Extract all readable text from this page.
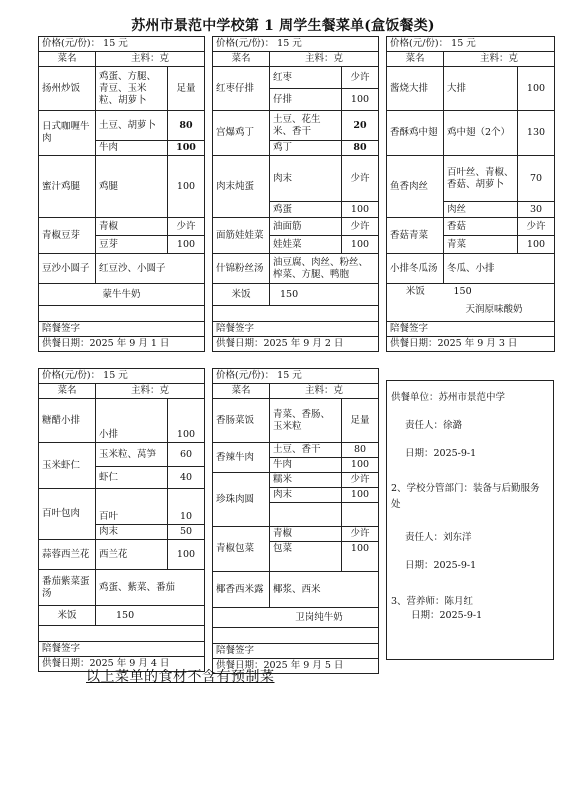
苏州市景范中学校第 1 周学生餐菜单(盒饭餐类)
价格(元/份)： 15 元		
菜名	主料：克	
扬州炒饭	鸡蛋、方腿、青豆、玉米粒、胡萝卜	足量
日式咖喱牛肉	土豆、胡萝卜	80
	牛肉	100
蜜汁鸡腿	鸡腿	100
青椒豆芽	青椒	少许
	豆芽	100
豆沙小圆子	红豆沙、小圆子	
蒙牛牛奶		

陪餐签字		
供餐日期：2025 年 9 月 1 日		
价格(元/份)： 15 元		
菜名	主料：克	
红枣仔排	红枣	少许
	仔排	100
宫爆鸡丁	土豆、花生米、香干	20
	鸡丁	80
肉末炖蛋	肉末	少许
	鸡蛋	100
面筋娃娃菜	油面筋	少许
	娃娃菜	100
什锦粉丝汤	油豆腐、肉丝、粉丝、榨菜、方腿、鸭胞	
米饭	150	

陪餐签字		
供餐日期：2025 年 9 月 2 日		
价格(元/份)： 15 元		
菜名	主料：克	
酱烧大排	大排	100
香酥鸡中翅	鸡中翅（2个）	130
鱼香肉丝	百叶丝、青椒、香菇、胡萝卜	70
	肉丝	30
香菇青菜	香菇	少许
	青菜	100
小排冬瓜汤	冬瓜、小排	
米饭	150	
天润原味酸奶		
陪餐签字		
供餐日期：2025 年 9 月 3 日		
价格(元/份)： 15 元		
菜名	主料：克	
糖醋小排	小排	100
玉米虾仁	玉米粒、莴笋	60
	虾仁	40
百叶包肉	百叶	10
	肉末	50
蒜蓉西兰花	西兰花	100
番茄紫菜蛋汤	鸡蛋、紫菜、番茄	
米饭	150	

陪餐签字		
供餐日期：2025 年 9 月 4 日		
价格(元/份)： 15 元		
菜名	主料：克	
香肠菜饭	青菜、香肠、玉米粒	足量
香辣牛肉	土豆、香干	80
	牛肉	100
珍珠肉圆	糯米	少许
	肉末	100

青椒包菜	青椒	少许
	包菜	100
椰香西米露	椰浆、西米	
卫岗纯牛奶		

陪餐签字		
供餐日期：2025 年 9 月 5 日		
供餐单位：苏州市景范中学
责任人：徐潞
日期：2025-9-1
2、学校分管部门：装备与后勤服务处
责任人：刘东洋
日期：2025-9-1
3、营养师：陈月红
日期：2025-9-1
以上菜单的食材不含有预制菜
